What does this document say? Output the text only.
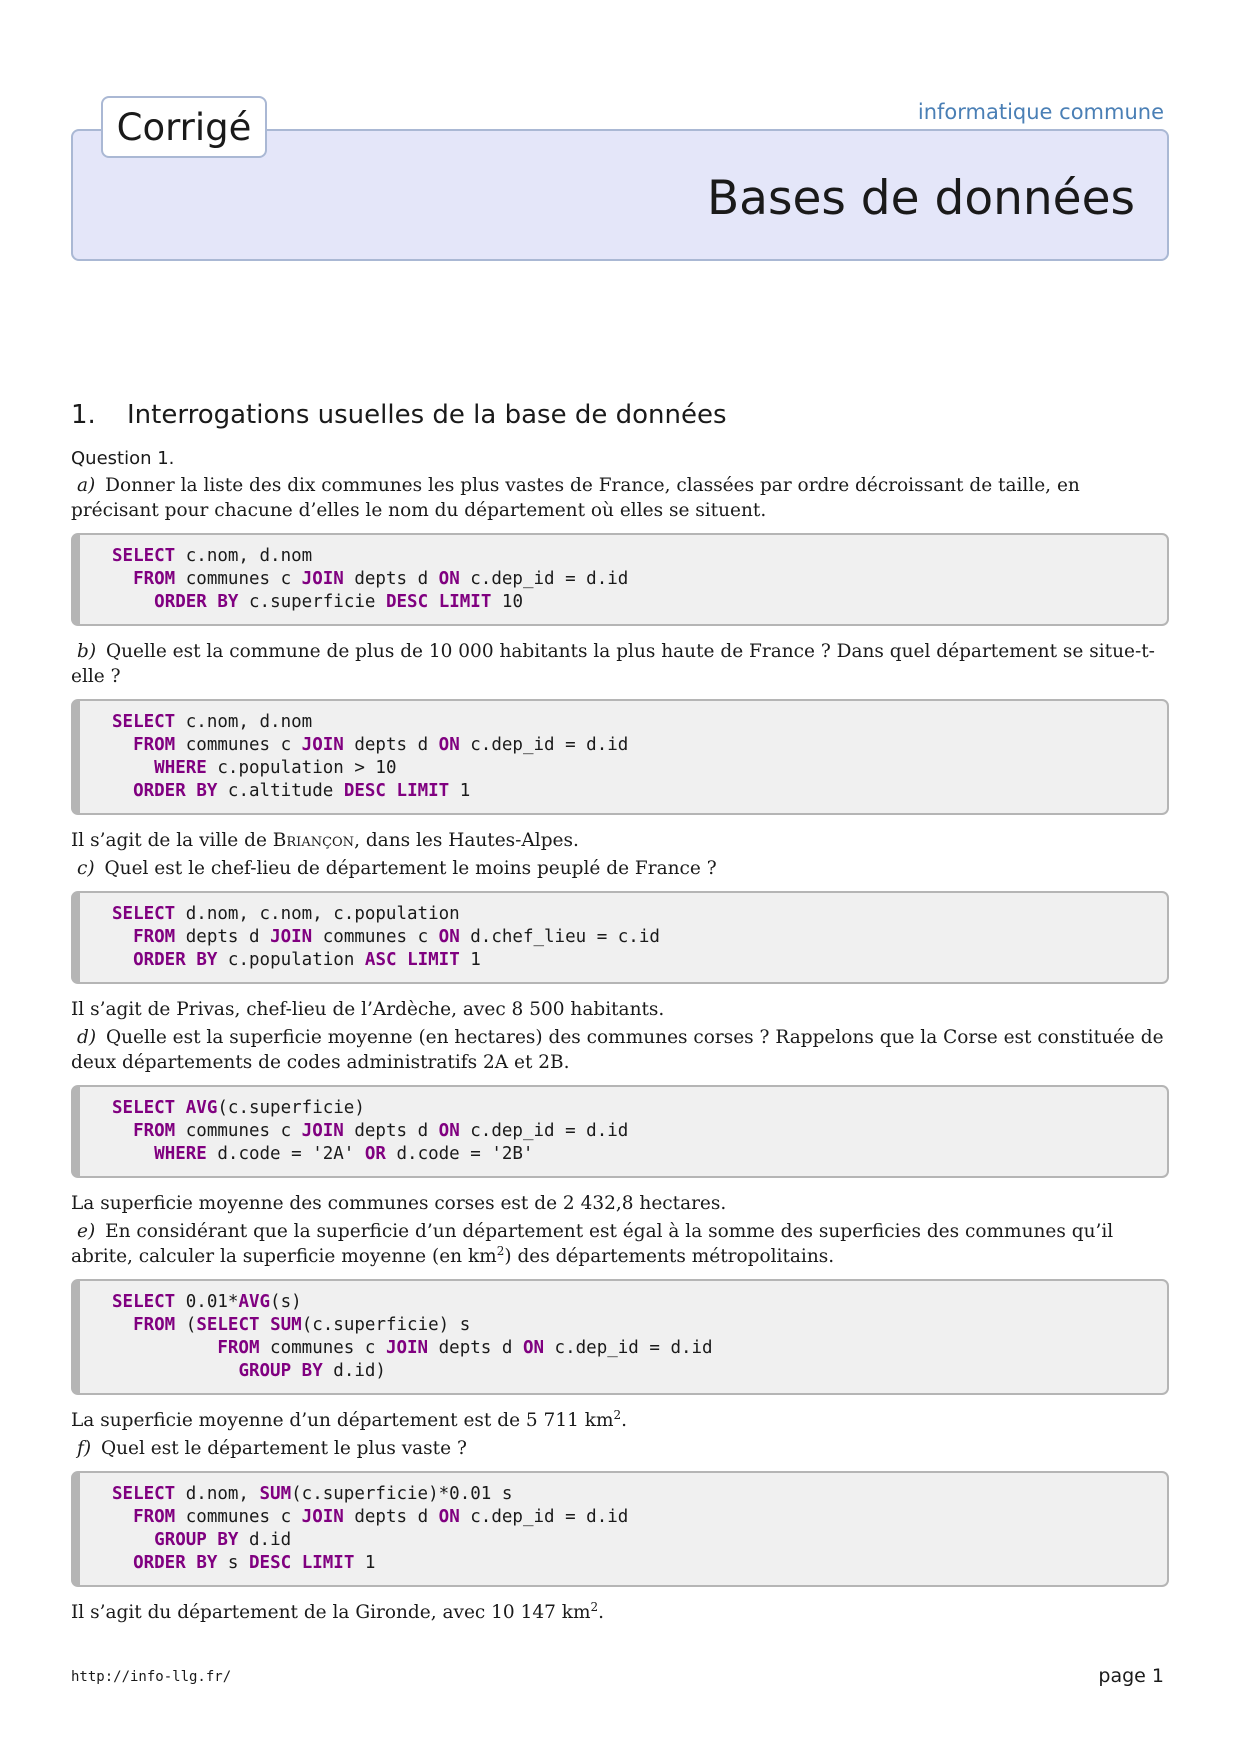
informatique commune
Bases de données
Corrigé
1. Interrogations usuelles de la base de données
Question 1.

a) Donner la liste des dix communes les plus vastes de France, classées par ordre décroissant de taille, en précisant pour chacune d’elles le nom du département où elles se situent.

SELECT c.nom, d.nom
FROM communes c JOIN depts d ON c.dep_id = d.id
ORDER BY c.superficie DESC LIMIT 10

b) Quelle est la commune de plus de 10 000 habitants la plus haute de France ? Dans quel département se situe-t-elle ?

SELECT c.nom, d.nom
FROM communes c JOIN depts d ON c.dep_id = d.id
WHERE c.population > 10
ORDER BY c.altitude DESC LIMIT 1

Il s’agit de la ville de Briançon, dans les Hautes-Alpes.

c) Quel est le chef-lieu de département le moins peuplé de France ?

SELECT d.nom, c.nom, c.population
FROM depts d JOIN communes c ON d.chef_lieu = c.id
ORDER BY c.population ASC LIMIT 1

Il s’agit de Privas, chef-lieu de l’Ardèche, avec 8 500 habitants.

d) Quelle est la superficie moyenne (en hectares) des communes corses ? Rappelons que la Corse est constituée de deux départements de codes administratifs 2A et 2B.

SELECT AVG(c.superficie)
FROM communes c JOIN depts d ON c.dep_id = d.id
WHERE d.code = '2A' OR d.code = '2B'

La superficie moyenne des communes corses est de 2 432,8 hectares.

e) En considérant que la superficie d’un département est égal à la somme des superficies des communes qu’il abrite, calculer la superficie moyenne (en $km^2$) des départements métropolitains.

SELECT 0.01*AVG(s)
FROM (SELECT SUM(c.superficie) s
FROM communes c JOIN depts d ON c.dep_id = d.id
GROUP BY d.id)

La superficie moyenne d’un département est de 5 711 $km^2$.

f) Quel est le département le plus vaste ?

SELECT d.nom, SUM(c.superficie)*0.01 s
FROM communes c JOIN depts d ON c.dep_id = d.id
GROUP BY d.id
ORDER BY s DESC LIMIT 1

Il s’agit du département de la Gironde, avec 10 147 $km^2$.

http://info-llg.fr/	page 1
